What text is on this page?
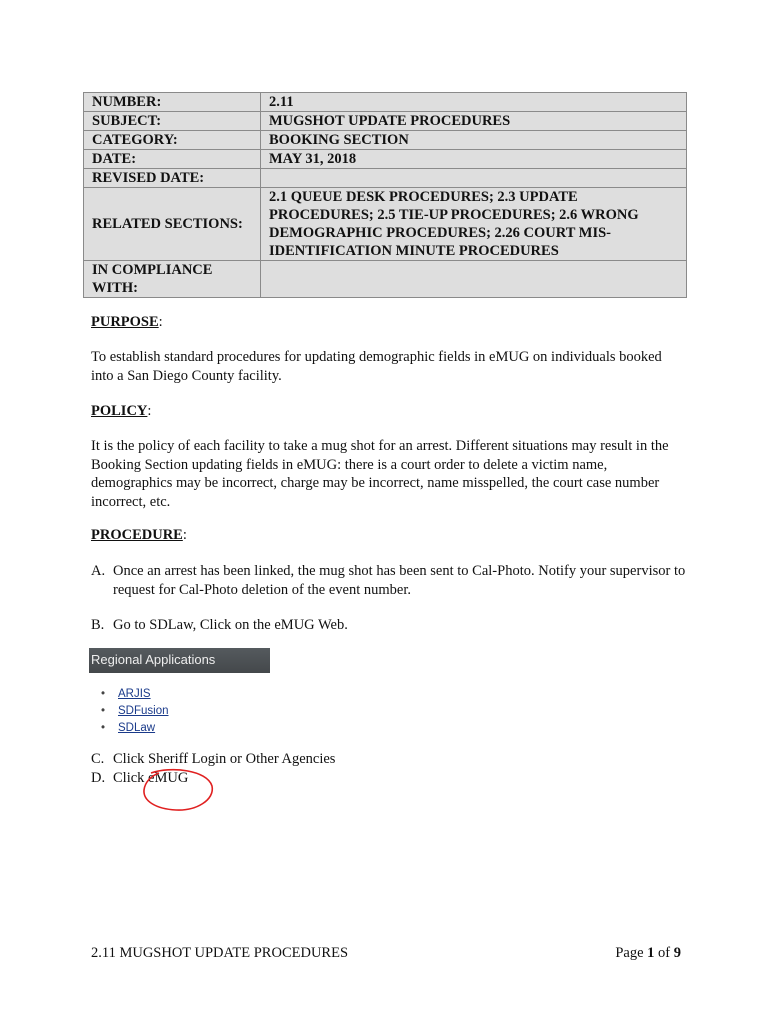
NUMBER:	2.11
SUBJECT:	MUGSHOT UPDATE PROCEDURES
CATEGORY:	BOOKING SECTION
DATE:	MAY 31, 2018
REVISED DATE:	
RELATED SECTIONS:	2.1 QUEUE DESK PROCEDURES; 2.3 UPDATE PROCEDURES; 2.5 TIE-UP PROCEDURES; 2.6 WRONG DEMOGRAPHIC PROCEDURES; 2.26 COURT MIS-IDENTIFICATION MINUTE PROCEDURES
IN COMPLIANCE WITH:	
PURPOSE:
To establish standard procedures for updating demographic fields in eMUG on individuals booked into a San Diego County facility.
POLICY:
It is the policy of each facility to take a mug shot for an arrest. Different situations may result in the Booking Section updating fields in eMUG: there is a court order to delete a victim name, demographics may be incorrect, charge may be incorrect, name misspelled, the court case number incorrect, etc.
PROCEDURE:
A. Once an arrest has been linked, the mug shot has been sent to Cal-Photo. Notify your supervisor to request for Cal-Photo deletion of the event number.
B. Go to SDLaw, Click on the eMUG Web.
Regional Applications
• ARJIS
• SDFusion
• SDLaw
C. Click Sheriff Login or Other Agencies
D. Click eMUG
2.11 MUGSHOT UPDATE PROCEDURES	Page 1 of 9
